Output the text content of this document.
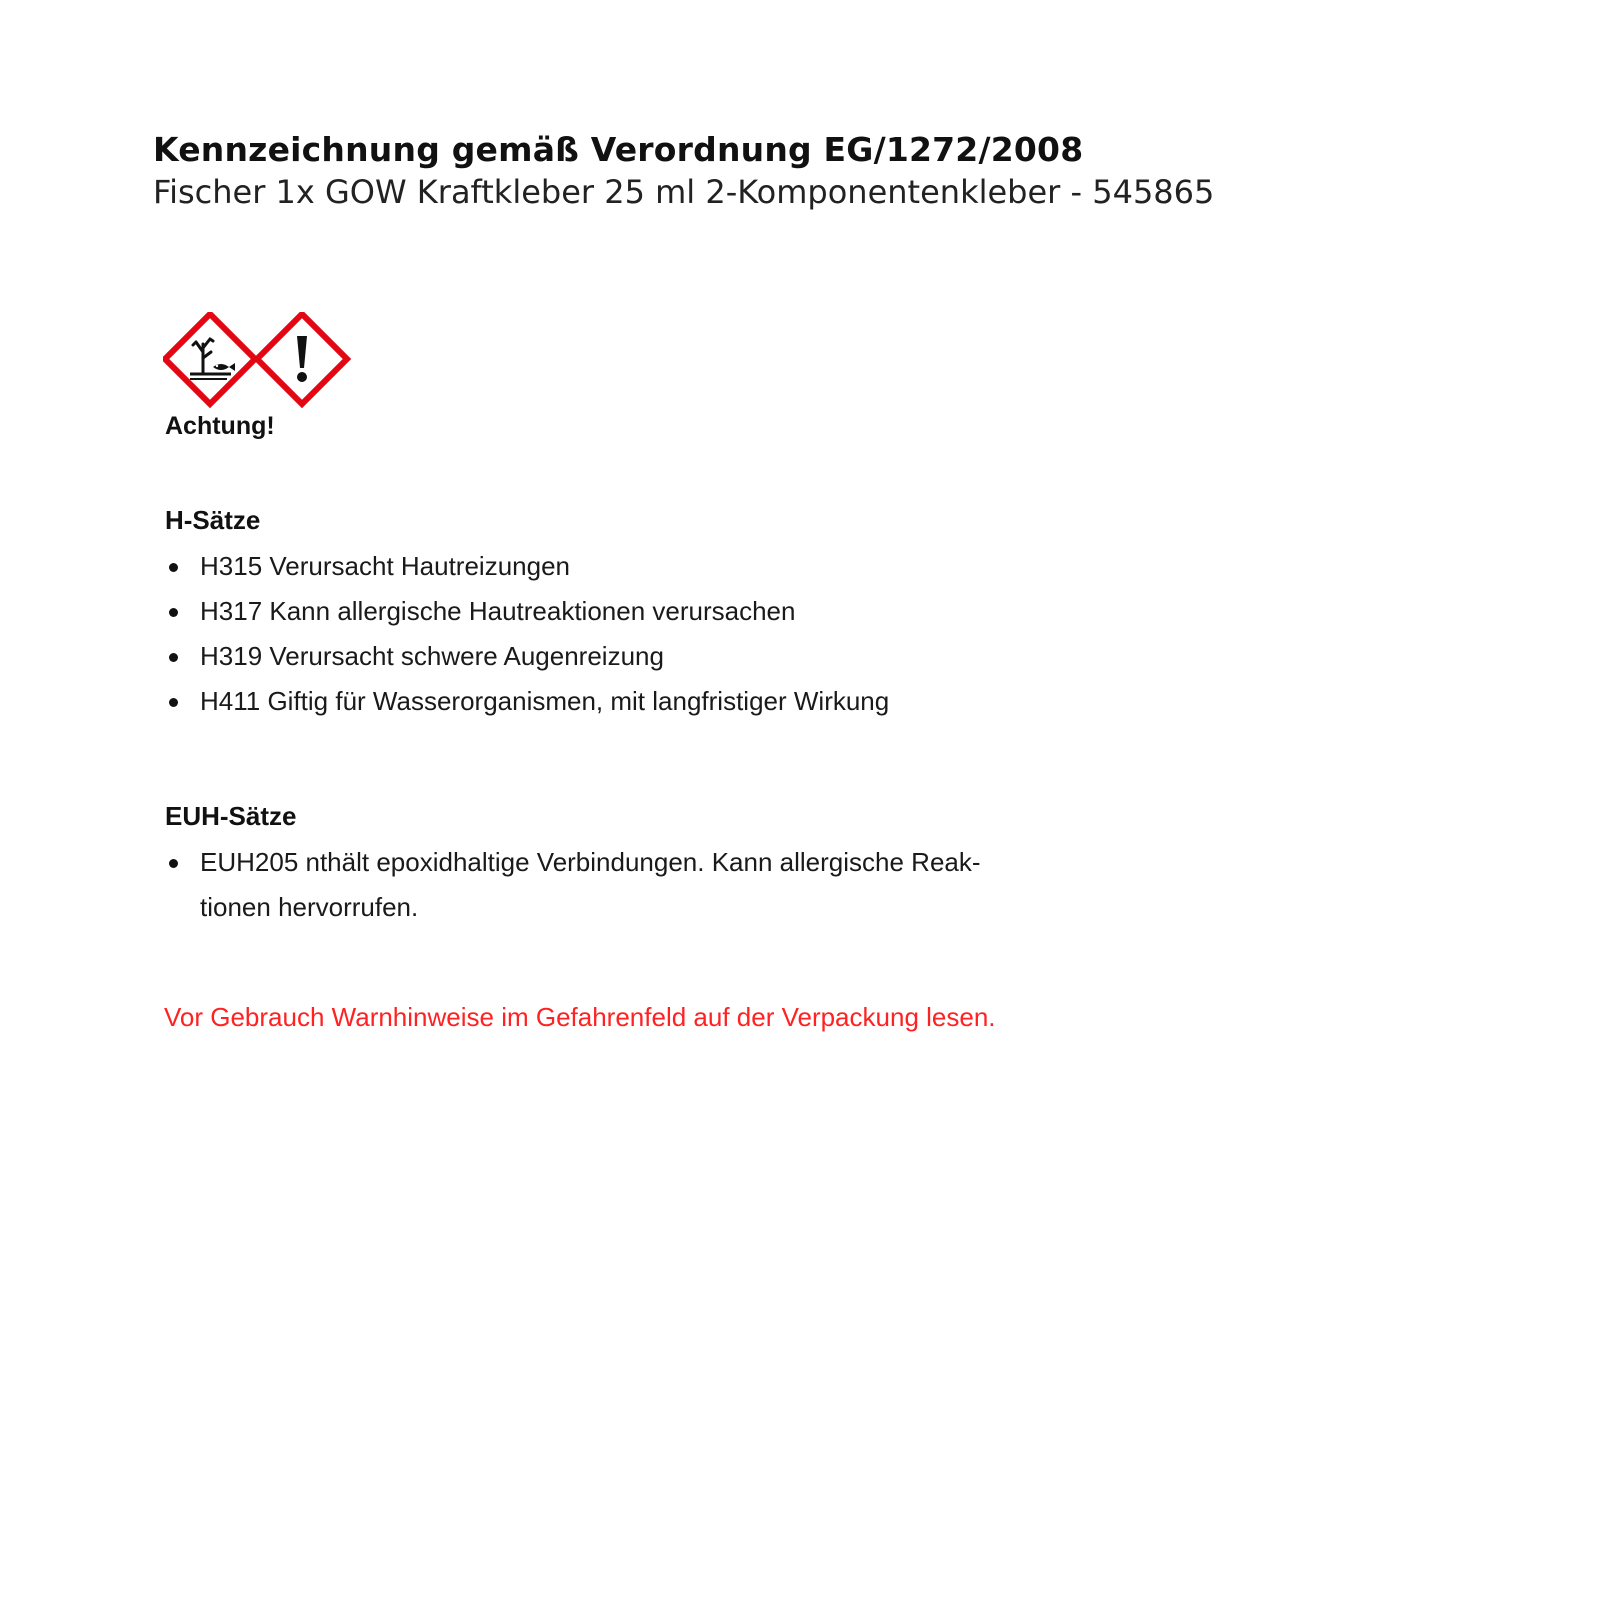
Kennzeichnung gemäß Verordnung EG/1272/2008
Fischer 1x GOW Kraftkleber 25 ml 2-Komponentenkleber - 545865
Achtung!
H-Sätze
H315 Verursacht Hautreizungen
H317 Kann allergische Hautreaktionen verursachen
H319 Verursacht schwere Augenreizung
H411 Giftig für Wasserorganismen, mit langfristiger Wirkung
EUH-Sätze
EUH205 nthält epoxidhaltige Verbindungen. Kann allergische Reak-tionen hervorrufen.
Vor Gebrauch Warnhinweise im Gefahrenfeld auf der Verpackung lesen.
